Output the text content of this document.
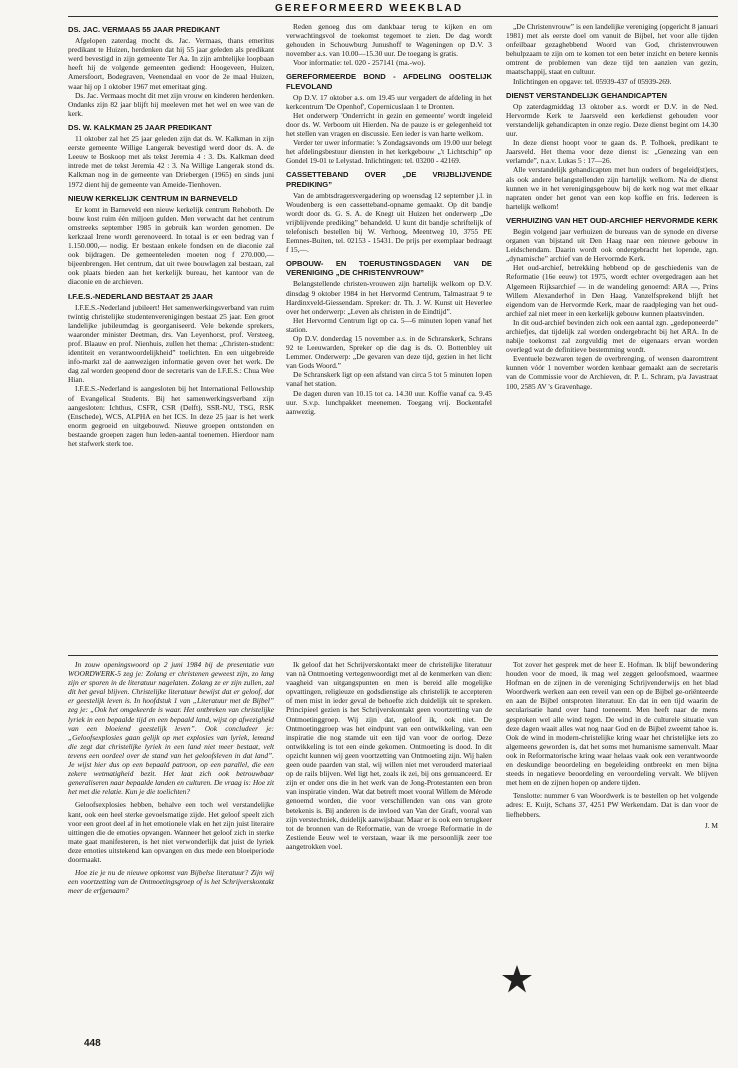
GEREFORMEERD WEEKBLAD
DS. JAC. VERMAAS 55 JAAR PREDIKANT

Afgelopen zaterdag mocht ds. Jac. Vermaas, thans emeritus predikant te Huizen, herdenken dat hij 55 jaar geleden als predikant werd bevestigd in zijn gemeente Ter Aa. In zijn ambtelijke loopbaan heeft hij de volgende gemeenten gediend: Hoogeveen, Huizen, Amersfoort, Bodegraven, Veenendaal en voor de 2e maal Huizen, waar hij op 1 oktober 1967 met emeritaat ging.

Ds. Jac. Vermaas mocht dit met zijn vrouw en kinderen herdenken. Ondanks zijn 82 jaar blijft hij meeleven met het wel en wee van de kerk.

DS. W. KALKMAN 25 JAAR PREDIKANT

11 oktober zal het 25 jaar geleden zijn dat ds. W. Kalkman in zijn eerste gemeente Willige Langerak bevestigd werd door ds. A. de Leeuw te Boskoop met als tekst Jeremia 4 : 3. Ds. Kalkman deed intrede met de tekst Jeremia 42 : 3. Na Willige Langerak stond ds. Kalkman nog in de gemeente van Driebergen (1965) en sinds juni 1972 dient hij de gemeente van Ameide-Tienhoven.

NIEUW KERKELIJK CENTRUM IN BARNEVELD

Er komt in Barneveld een nieuw kerkelijk centrum Rehoboth. De bouw kost ruim één miljoen gulden. Men verwacht dat het centrum omstreeks september 1985 in gebruik kan worden genomen. De kerkzaal Irene wordt gerenoveerd. In totaal is er een bedrag van f 1.150.000,— nodig. Er bestaan enkele fondsen en de diaconie zal ook bijdragen. De gemeenteleden moeten nog f 270.000,— bijeenbrengen. Het centrum, dat uit twee bouwlagen zal bestaan, zal ook plaats bieden aan het kerkelijk bureau, het kantoor van de diaconie en de archieven.

I.F.E.S.-NEDERLAND BESTAAT 25 JAAR

I.F.E.S.-Nederland jubileert! Het samenwerkingsverband van ruim twintig christelijke studentenverenigingen bestaat 25 jaar. Een groot landelijke jubileumdag is georganiseerd. Vele bekende sprekers, waaronder minister Deetman, drs. Van Leyenhorst, prof. Versteeg, prof. Blaauw en prof. Nienhuis, zullen het thema: „Christen-student: identiteit en verantwoordelijkheid” toelichten. En een uitgebreide info-markt zal de aanwezigen informatie geven over het werk. De dag zal worden geopend door de secretaris van de I.F.E.S.: Chua Wee Hian.

I.F.E.S.-Nederland is aangesloten bij het International Fellowship of Evangelical Students. Bij het samenwerkingsverband zijn aangesloten: Ichthus, CSFR, CSR (Delft), SSR-NU, TSG, RSK (Enschede), WCS, ALPHA en het ICS. In deze 25 jaar is het werk enorm gegroeid en uitgebouwd. Nieuwe groepen ontstonden en bestaande groepen zagen hun leden-aantal toenemen. Hierdoor nam het stafwerk sterk toe.

Reden genoeg dus om dankbaar terug te kijken en om verwachtingsvol de toekomst tegemoet te zien. De dag wordt gehouden in Schouwburg Junushoff te Wageningen op D.V. 3 november a.s. van 10.00—15.30 uur. De toegang is gratis.

Voor informatie: tel. 020 - 257141 (ma.-wo).

GEREFORMEERDE BOND - AFDELING OOSTELIJK FLEVOLAND

Op D.V. 17 oktober a.s. om 19.45 uur vergadert de afdeling in het kerkcentrum 'De Openhof', Copernicuslaan 1 te Dronten.

Het onderwerp 'Onderricht in gezin en gemeente' wordt ingeleid door ds. W. Verboom uit Hierden. Na de pauze is er gelegenheid tot het stellen van vragen en discussie. Een ieder is van harte welkom.

Verder ter uwer informatie: 's Zondagsavonds om 19.00 uur belegt het afdelingsbestuur diensten in het kerkgebouw „'t Lichtschip” op Gondel 19-01 te Lelystad. Inlichtingen: tel. 03200 - 42169.

CASSETTEBAND OVER „DE VRIJBLIJVENDE PREDIKING”

Van de ambtsdragersvergadering op woensdag 12 september j.l. in Woudenberg is een cassetteband-opname gemaakt. Op dit bandje wordt door ds. G. S. A. de Knegt uit Huizen het onderwerp „De vrijblijvende prediking” behandeld. U kunt dit bandje schriftelijk of telefonisch bestellen bij W. Verhoog, Meentweg 10, 3755 PE Eemnes-Buiten, tel. 02153 - 15431. De prijs per exemplaar bedraagt f 15,—.

OPBOUW- EN TOERUSTINGSDAGEN VAN DE VERENIGING „DE CHRISTENVROUW”

Belangstellende christen-vrouwen zijn hartelijk welkom op D.V. dinsdag 9 oktober 1984 in het Hervormd Centrum, Talmastraat 9 te Hardinxveld-Giessendam. Spreker: dr. Th. J. W. Kunst uit Heverlee over het onderwerp: „Leven als christen in de Eindtijd”.

Het Hervormd Centrum ligt op ca. 5—6 minuten lopen vanaf het station.

Op D.V. donderdag 15 november a.s. in de Schranskerk, Schrans 92 te Leeuwarden, Spreker op die dag is ds. O. Bottenbley uit Lemmer. Onderwerp: „De gevaren van deze tijd, gezien in het licht van Gods Woord.”

De Schranskerk ligt op een afstand van circa 5 tot 5 minuten lopen vanaf het station.

De dagen duren van 10.15 tot ca. 14.30 uur. Koffie vanaf ca. 9.45 uur. S.v.p. lunchpakket meenemen. Toegang vrij. Bockentafel aanwezig.

„De Christenvrouw” is een landelijke vereniging (opgericht 8 januari 1981) met als eerste doel om vanuit de Bijbel, het voor alle tijden onfeilbaar gezaghebbend Woord van God, christenvrouwen behulpzaam te zijn om te komen tot een beter inzicht en betere kennis omtrent de problemen van deze tijd ten aanzien van gezin, maatschappij, staat en cultuur.

Inlichtingen en opgave: tel. 05939-437 of 05939-269.

DIENST VERSTANDELIJK GEHANDICAPTEN

Op zaterdagmiddag 13 oktober a.s. wordt er D.V. in de Ned. Hervormde Kerk te Jaarsveld een kerkdienst gehouden voor verstandelijk gehandicapten in onze regio. Deze dienst begint om 14.30 uur.

In deze dienst hoopt voor te gaan ds. P. Tolhoek, predikant te Jaarsveld. Het thema voor deze dienst is: „Genezing van een verlamde”, n.a.v. Lukas 5 : 17—26.

Alle verstandelijk gehandicapten met hun ouders of begeleid(st)ers, als ook andere belangstellenden zijn hartelijk welkom. Na de dienst kunnen we in het verenigingsgebouw bij de kerk nog wat met elkaar napraten onder het genot van een kop koffie en fris. Iedereen is hartelijk welkom!

VERHUIZING VAN HET OUD-ARCHIEF HERVORMDE KERK

Begin volgend jaar verhuizen de bureaus van de synode en diverse organen van bijstand uit Den Haag naar een nieuwe gebouw in Leidschendam. Daarin wordt ook ondergebracht het lopende, zgn. „dynamische” archief van de Hervormde Kerk.

Het oud-archief, betrekking hebbend op de geschiedenis van de Reformatie (16e eeuw) tot 1975, wordt echter overgedragen aan het Algemeen Rijksarchief — in de wandeling genoemd: ARA —, Prins Willem Alexanderhof in Den Haag. Vanzelfsprekend blijft het eigendom van de Hervormde Kerk, maar de raadpleging van het oud-archief zal niet meer in een kerkelijk gebouw kunnen plaatsvinden.

In dit oud-archief bevinden zich ook een aantal zgn. „gedeponeerde” archiefjes, dat tijdelijk zal worden ondergebracht bij het ARA. In de nabije toekomst zal zorgvuldig met de eigenaars ervan worden overlegd wat de definitieve bestemming wordt.

Eventuele bezwaren tegen de overbrenging, of wensen daaromtrent kunnen vóór 1 november worden kenbaar gemaakt aan de secretaris van de Commissie voor de Archieven, dr. P. L. Schram, p/a Javastraat 100, 2585 AV 's Gravenhage.

In zouw openingswoord op 2 juni 1984 bij de presentatie van WOORDWERK-5 zeg je: Zolang er christenen geweest zijn, zo lang zijn er sporen in de literatuur nagelaten. Zolang ze er zijn zullen, zal dit het geval blijven. Christelijke literatuur bewijst dat er geloof, dat er geestelijk leven is. In hoofdstuk 1 van „Literatuur met de Bijbel” zeg je: „Ook het omgekeerde is waar. Het ontbreken van christelijke lyriek in een bepaalde tijd en een bepaald land, wijst op afwezigheid van een bloeiend geestelijk leven”. Ook concludeer je: „Geloofsexplosies gaan gelijk op met explosies van lyriek, lemand die zegt dat christelijke lyriek in een land niet meer bestaat, velt tevens een oordeel over de stand van het geloofsleven in dat land”. Je wijst hier dus op een bepaald patroon, op een parallel, die een zekere wetmatigheid bezit. Het laat zich ook betrouwbaar generaliseren naar bepaalde landen en culturen. De vraag is: Hoe zit het met die relatie. Kun je die toelichten?

Geloofsexplosies hebben, behalve een toch wel verstandelijke kant, ook een heel sterke gevoelsmatige zijde. Het geloof speelt zich voor een groot deel af in het emotionele vlak en het zijn juist literaire uittingen die de emoties opvangen. Wanneer het geloof zich in sterke mate gaat manifesteren, is het niet verwonderlijk dat juist de lyriek deze emoties uitstekend kan opvangen en dus mede een bloeiperiode doormaakt.

Hoe zie je nu de nieuwe opkomst van Bijbelse literatuur? Zijn wij een voortzetting van de Ontmoetingsgroep of is het Schrijverskontakt meer de erfgenaam?

Ik geloof dat het Schrijverskontakt meer de christelijke literatuur van nà Ontmoeting vertegenwoordigt met al de kenmerken van dien: vaagheid van uitgangspunten en men is bereid alle mogelijke opvattingen, religieuze en godsdienstige als christelijk te accepteren of men mist in ieder geval de behoefte zich duidelijk uit te spreken. Principieel gezien is het Schrijverskontakt geen voortzetting van de Ontmoetinggroep. Wij zijn dat, geloof ik, ook niet. De Ontmoetinggroep was het eindpunt van een ontwikkeling, van een inspiratie die nog stamde uit een tijd van voor de oorlog. Deze ontwikkeling is tot een einde gekomen. Ontmoeting is dood. In dit opzicht kunnen wij geen voortzetting van Ontmoeting zijn. Wij halen geen oude paarden van stal, wij willen niet met verouderd materiaal op de rails blijven. Wel ligt het, zoals ik zei, bij ons genuanceerd. Er zijn er onder ons die in het werk van de Jong-Protestanten een bron van inspiratie vinden. Wat dat betreft moet vooral Willem de Mérode genoemd worden, die voor verschillenden van ons van grote betekenis is. Bij anderen is de invloed van Van der Graft, vooral van zijn verstechniek, duidelijk aanwijsbaar. Maar er is ook een terugkeer tot de bronnen van de Reformatie, van de vroege Reformatie in de Zestiende Eeuw wel te verstaan, waar ik me persoonlijk zeer toe aangetrokken voel.

Tot zover het gesprek met de heer E. Hofman. Ik blijf bewondering houden voor de moed, ik mag wel zeggen geloofsmoed, waarmee Hofman en de zijnen in de vereniging Schrijvenderwijs en het blad Woordwerk werken aan een reveil van een op de Bijbel ge-oriënteerde en aan de Bijbel ontsproten literatuur. En dat in een tijd waarin de secularisatie hand over hand toeneemt. Men heeft naar de mens gesproken wel alle wind tegen. De wind in de culturele situatie van deze dagen waait alles wat nog naar God en de Bijbel zweemt tahoe is. Ook de wind in modern-christelijke kring waar het christelijke iets zo algemeens geworden is, dat het soms met humanisme samenvalt. Maar ook in Reformatorische kring waar helaas vaak ook een verantwoorde en deskundige beoordeling en begeleiding ontbreekt en men bijna steeds in negatieve beoordeling en veroordeling vervalt. We blijven met hem en de zijnen hopen op andere tijden.

Tenslotte: nummer 6 van Woordwerk is te bestellen op het volgende adres: E. Kuijt, Schans 37, 4251 PW Werkendam. Dat is dan voor de liefhebbers.

J. M
448
